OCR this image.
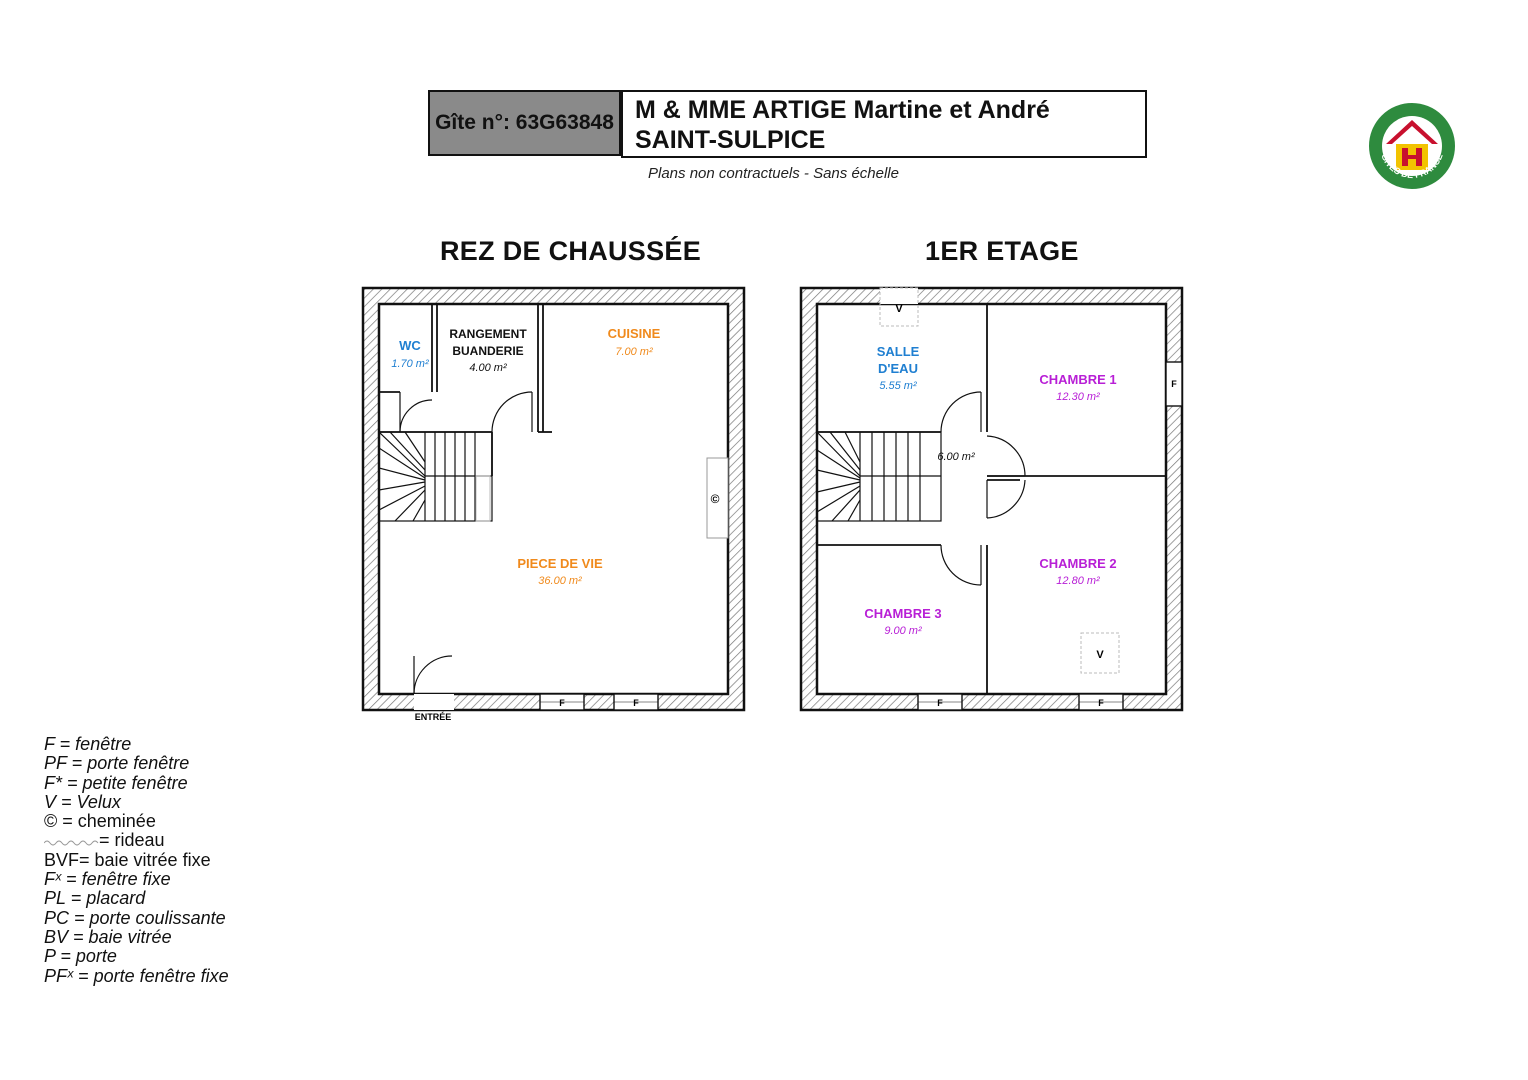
Gîte n°: 63G63848 M & MME ARTIGE Martine et André
SAINT-SULPICE
Plans non contractuels - Sans échelle
REZ DE CHAUSSÉE	1ER ETAGE
GÎTES DE FRANCE
©
F	F
ENTRÉE
WC
1.70 m²
RANGEMENT
BUANDERIE
4.00 m²
CUISINE
7.00 m²
PIECE DE VIE
36.00 m²
V
F
F	F
V
SALLE
D'EAU
5.55 m²
6.00 m²
CHAMBRE 1
12.30 m²
CHAMBRE 2
12.80 m²
CHAMBRE 3
9.00 m²
F = fenêtre
PF = porte fenêtre
F* = petite fenêtre
V = Velux
© = cheminée
= rideau
BVF= baie vitrée fixe
Fˣ = fenêtre fixe
PL = placard
PC = porte coulissante
BV = baie vitrée
P = porte
PFˣ = porte fenêtre fixe
